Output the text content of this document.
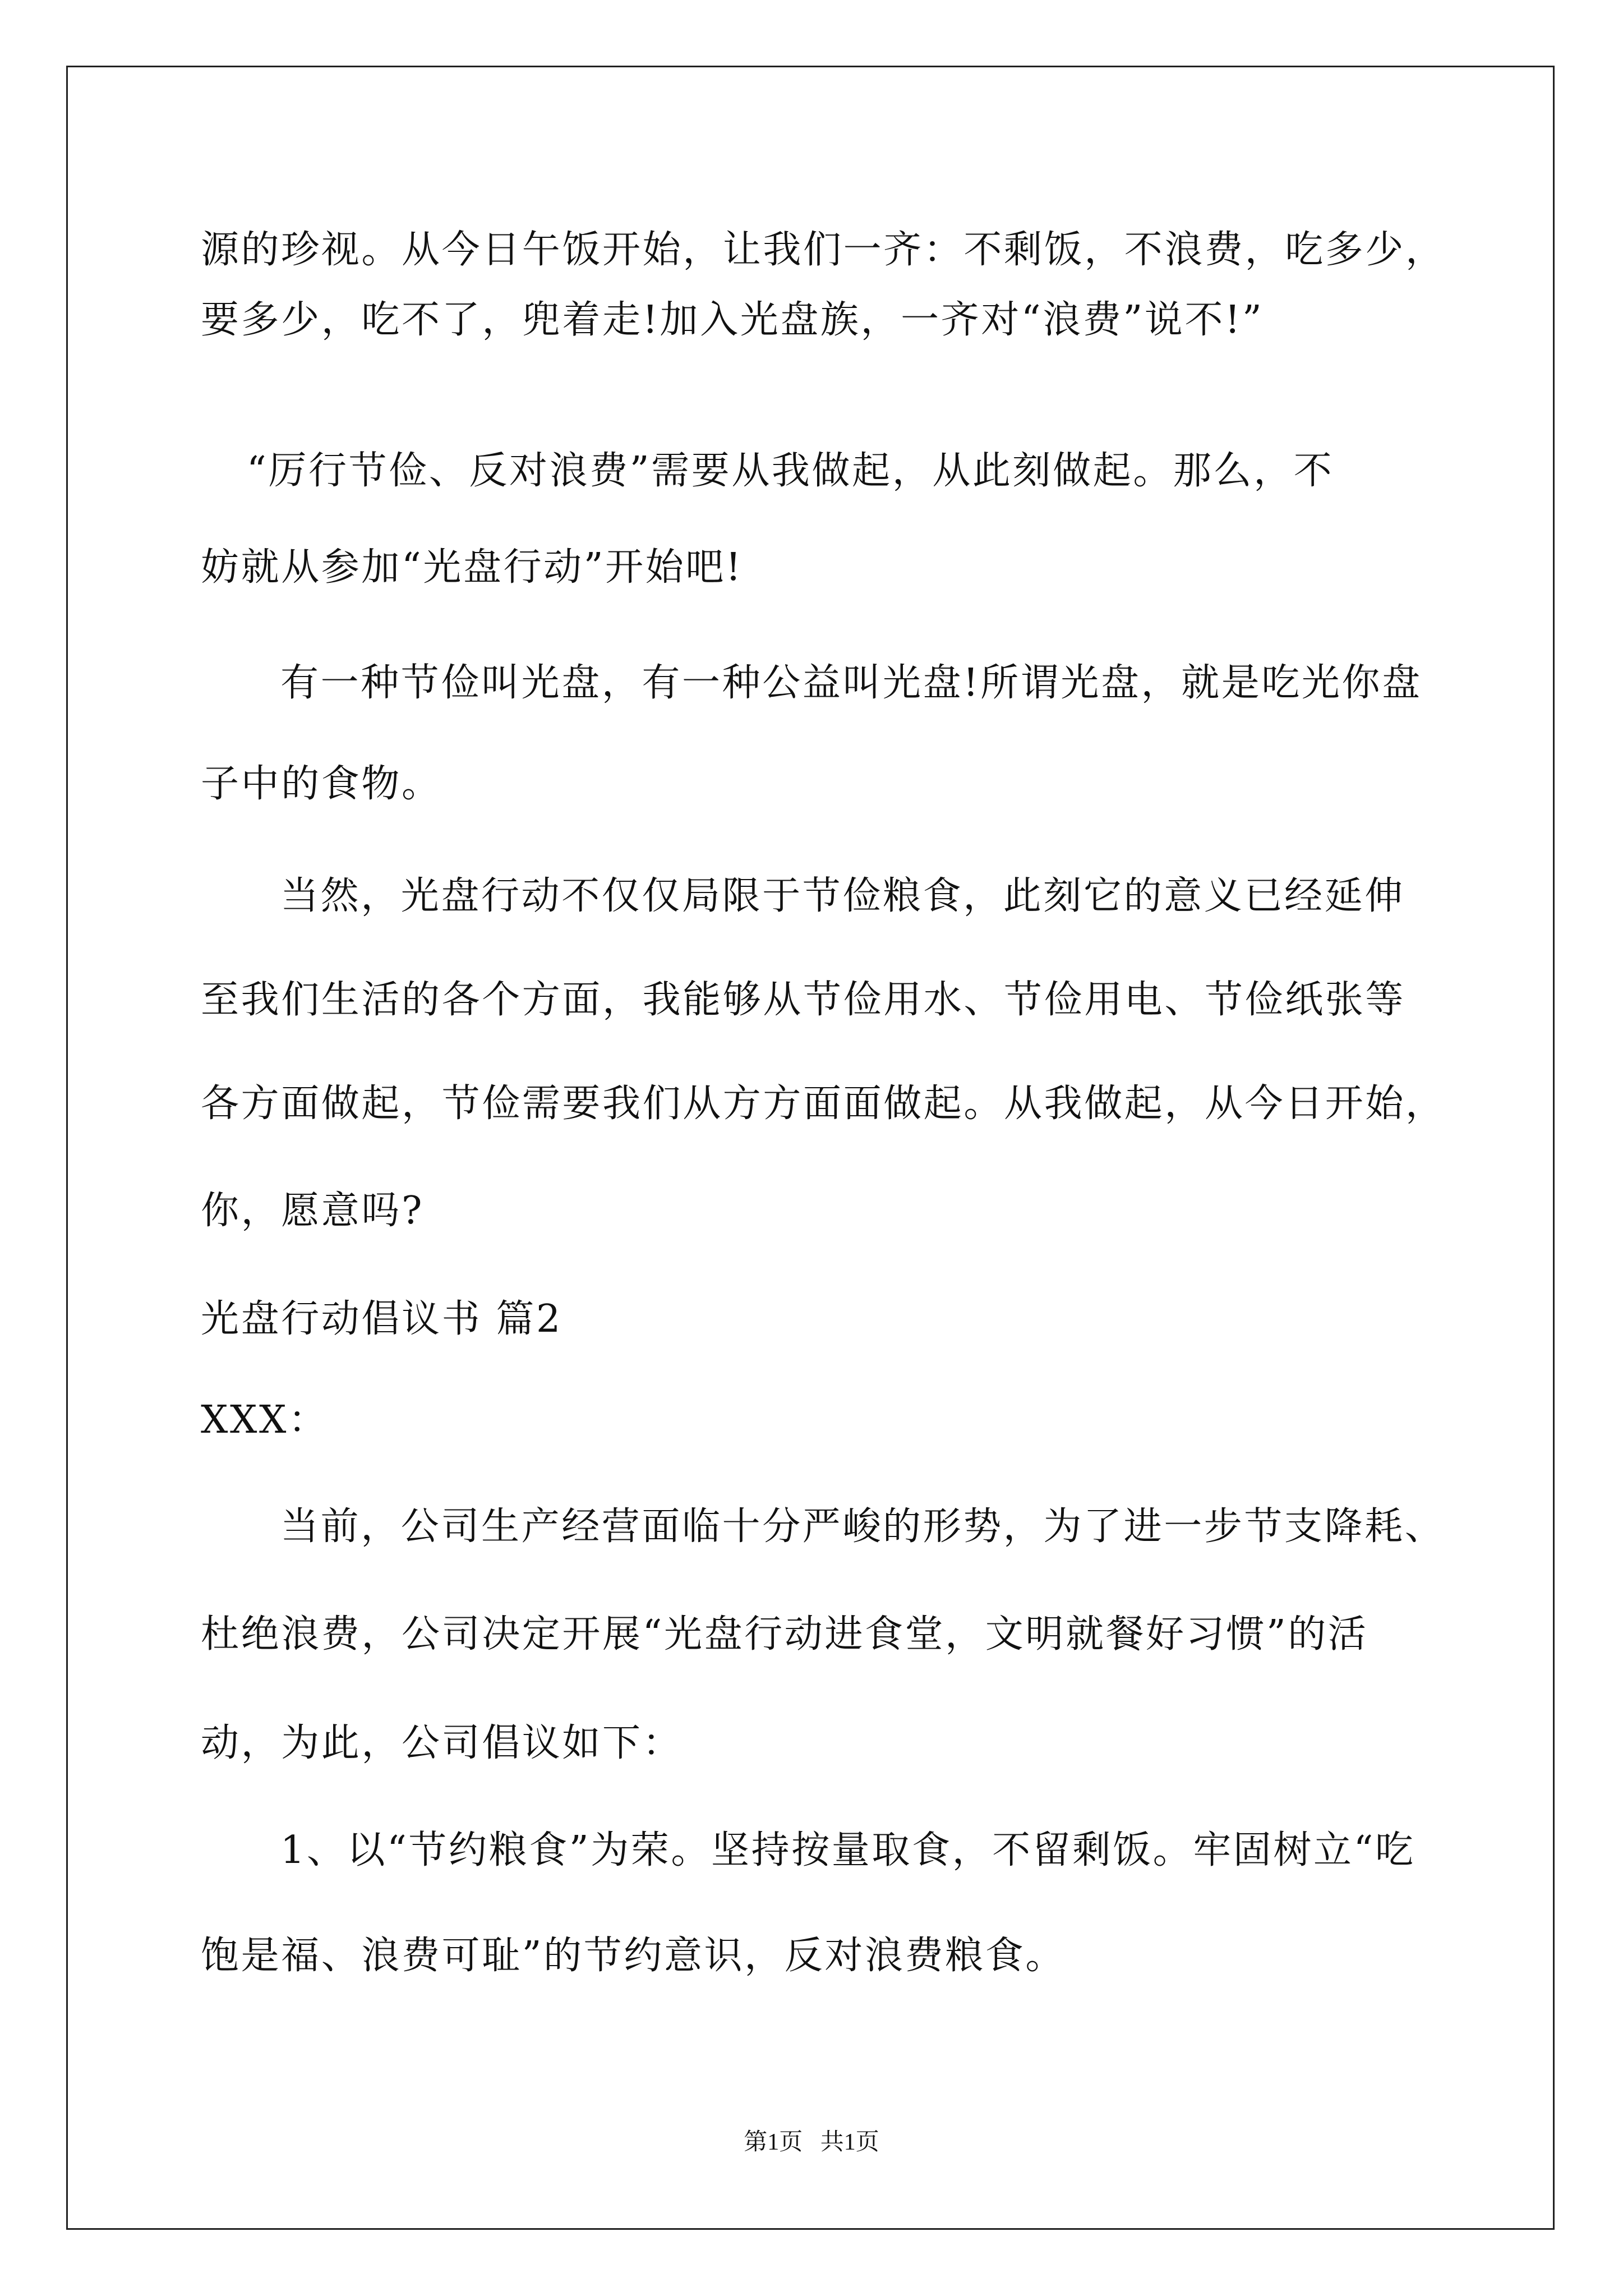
源的珍视。从今日午饭开始，让我们一齐：不剩饭，不浪费，吃多少，
要多少，吃不了，兜着走!加入光盘族，一齐对“浪费”说不!”
“厉行节俭、反对浪费”需要从我做起，从此刻做起。那么，不
妨就从参加“光盘行动”开始吧!
有一种节俭叫光盘，有一种公益叫光盘!所谓光盘，就是吃光你盘
子中的食物。
当然，光盘行动不仅仅局限于节俭粮食，此刻它的意义已经延伸
至我们生活的各个方面，我能够从节俭用水、节俭用电、节俭纸张等
各方面做起，节俭需要我们从方方面面做起。从我做起，从今日开始，
你，愿意吗?
光盘行动倡议书 篇2
XXX：
当前，公司生产经营面临十分严峻的形势，为了进一步节支降耗、
杜绝浪费，公司决定开展“光盘行动进食堂，文明就餐好习惯”的活
动，为此，公司倡议如下：
1、以“节约粮食”为荣。坚持按量取食，不留剩饭。牢固树立“吃
饱是福、浪费可耻”的节约意识，反对浪费粮食。
第1页   共1页
